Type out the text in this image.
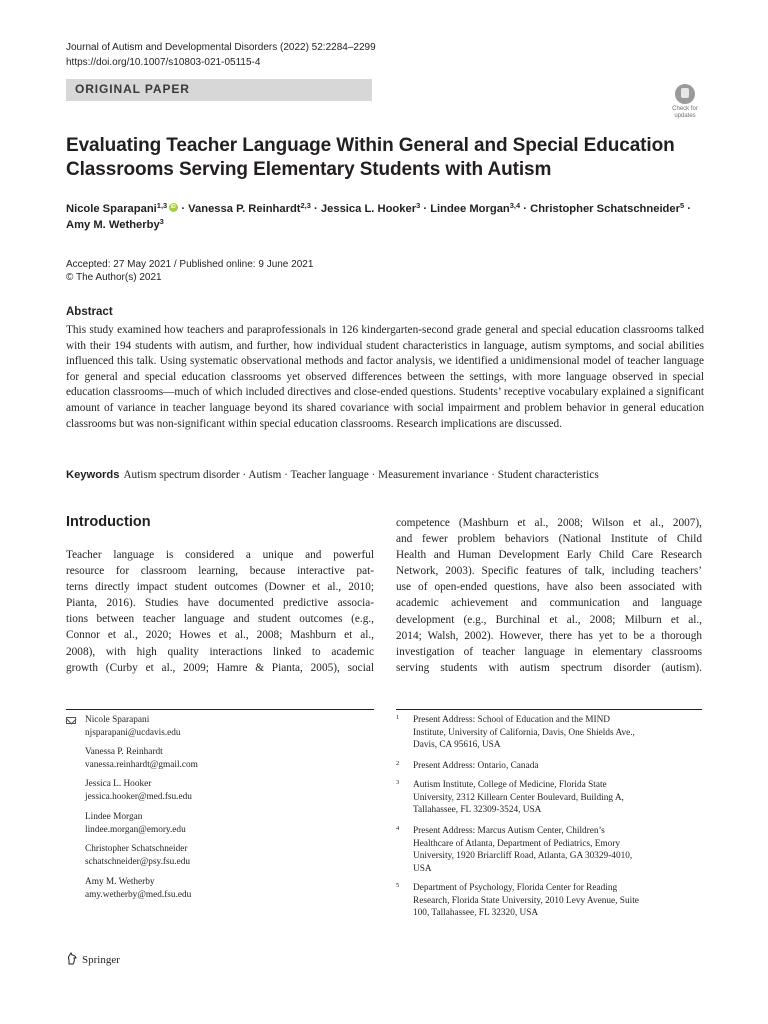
Journal of Autism and Developmental Disorders (2022) 52:2284–2299
https://doi.org/10.1007/s10803-021-05115-4
ORIGINAL PAPER
Check for
updates
Evaluating Teacher Language Within General and Special Education
Classrooms Serving Elementary Students with Autism
Nicole Sparapani$^{1,3}$iD · Vanessa P. Reinhardt$^{2,3}$ · Jessica L. Hooker$^3$ · Lindee Morgan$^{3,4}$ · Christopher Schatschneider$^5$ ·
Amy M. Wetherby$^3$
Accepted: 27 May 2021 / Published online: 9 June 2021
© The Author(s) 2021
Abstract
This study examined how teachers and paraprofessionals in 126 kindergarten-second grade general and special education classrooms talked with their 194 students with autism, and further, how individual student characteristics in language, autism symptoms, and social abilities influenced this talk. Using systematic observational methods and factor analysis, we identified a unidimensional model of teacher language for general and special education classrooms yet observed differences between the settings, with more language observed in special education classrooms—much of which included directives and close-ended questions. Students’ receptive vocabulary explained a significant amount of variance in teacher language beyond its shared covariance with social impairment and problem behavior in general education classrooms but was non-significant within special education classrooms. Research implications are discussed.
Keywords Autism spectrum disorder · Autism · Teacher language · Measurement invariance · Student characteristics
Introduction
Teacher language is considered a unique and powerful
resource for classroom learning, because interactive pat-
terns directly impact student outcomes (Downer et al., 2010;
Pianta, 2016). Studies have documented predictive associa-
tions between teacher language and student outcomes (e.g.,
Connor et al., 2020; Howes et al., 2008; Mashburn et al.,
2008), with high quality interactions linked to academic
growth (Curby et al., 2009; Hamre & Pianta, 2005), social
competence (Mashburn et al., 2008; Wilson et al., 2007),
and fewer problem behaviors (National Institute of Child
Health and Human Development Early Child Care Research
Network, 2003). Specific features of talk, including teachers’
use of open-ended questions, have also been associated with
academic achievement and communication and language
development (e.g., Burchinal et al., 2008; Milburn et al.,
2014; Walsh, 2002). However, there has yet to be a thorough
investigation of teacher language in elementary classrooms
serving students with autism spectrum disorder (autism).
Nicole Sparapani
njsparapani@ucdavis.edu
Vanessa P. Reinhardt
vanessa.reinhardt@gmail.com
Jessica L. Hooker
jessica.hooker@med.fsu.edu
Lindee Morgan
lindee.morgan@emory.edu
Christopher Schatschneider
schatschneider@psy.fsu.edu
Amy M. Wetherby
amy.wetherby@med.fsu.edu
1 Present Address: School of Education and the MIND
Institute, University of California, Davis, One Shields Ave.,
Davis, CA 95616, USA
2 Present Address: Ontario, Canada
3 Autism Institute, College of Medicine, Florida State
University, 2312 Killearn Center Boulevard, Building A,
Tallahassee, FL 32309-3524, USA
4 Present Address: Marcus Autism Center, Children’s
Healthcare of Atlanta, Department of Pediatrics, Emory
University, 1920 Briarcliff Road, Atlanta, GA 30329-4010,
USA
5 Department of Psychology, Florida Center for Reading
Research, Florida State University, 2010 Levy Avenue, Suite
100, Tallahassee, FL 32320, USA
Springer
